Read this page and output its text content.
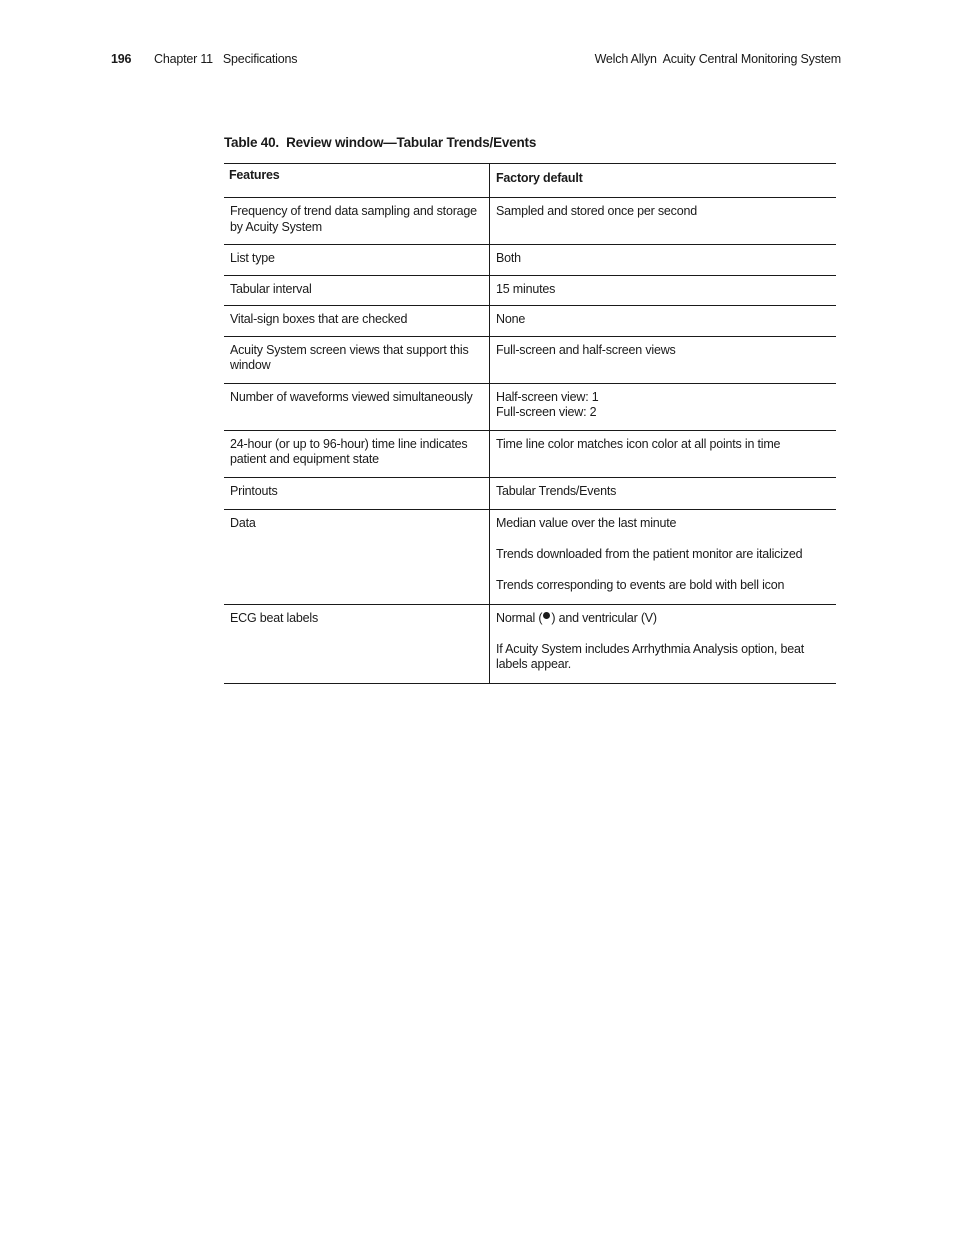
196 Chapter 11 Specifications	Welch Allyn  Acuity Central Monitoring System
Table 40.  Review window—Tabular Trends/Events
Features	Factory default

Frequency of trend data sampling and storage by Acuity System	Sampled and stored once per second

List type	Both

Tabular interval	15 minutes

Vital-sign boxes that are checked	None

Acuity System screen views that support this window	Full-screen and half-screen views

Number of waveforms viewed simultaneously	Half-screen view: 1
Full-screen view: 2

24-hour (or up to 96-hour) time line indicates patient and equipment state	Time line color matches icon color at all points in time

Printouts	Tabular Trends/Events

Data	Median value over the last minute
Trends downloaded from the patient monitor are italicized
Trends corresponding to events are bold with bell icon

ECG beat labels	Normal ( ) and ventricular (V)
If Acuity System includes Arrhythmia Analysis option, beat labels appear.
